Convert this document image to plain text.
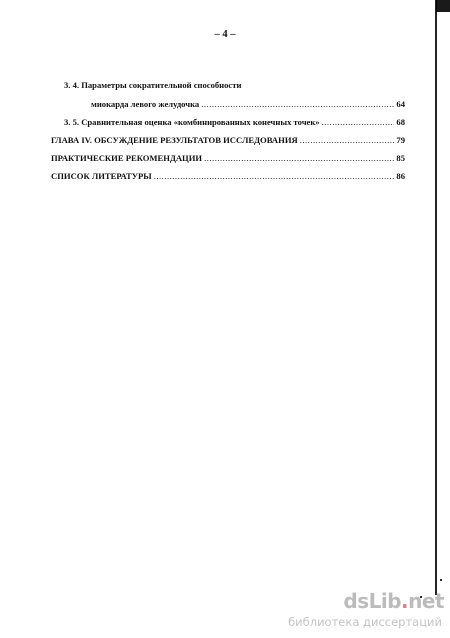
– 4 –
3. 4. Параметры сократительной способности
миокарда левого желудочка .....	64
3. 5. Сравнительная оценка «комбинированных конечных точек» .....	68
ГЛАВА IV. ОБСУЖДЕНИЕ РЕЗУЛЬТАТОВ ИССЛЕДОВАНИЯ .....	79
ПРАКТИЧЕСКИЕ РЕКОМЕНДАЦИИ .....	85
СПИСОК ЛИТЕРАТУРЫ .....	86
dsLib.net
библиотека диссертаций
